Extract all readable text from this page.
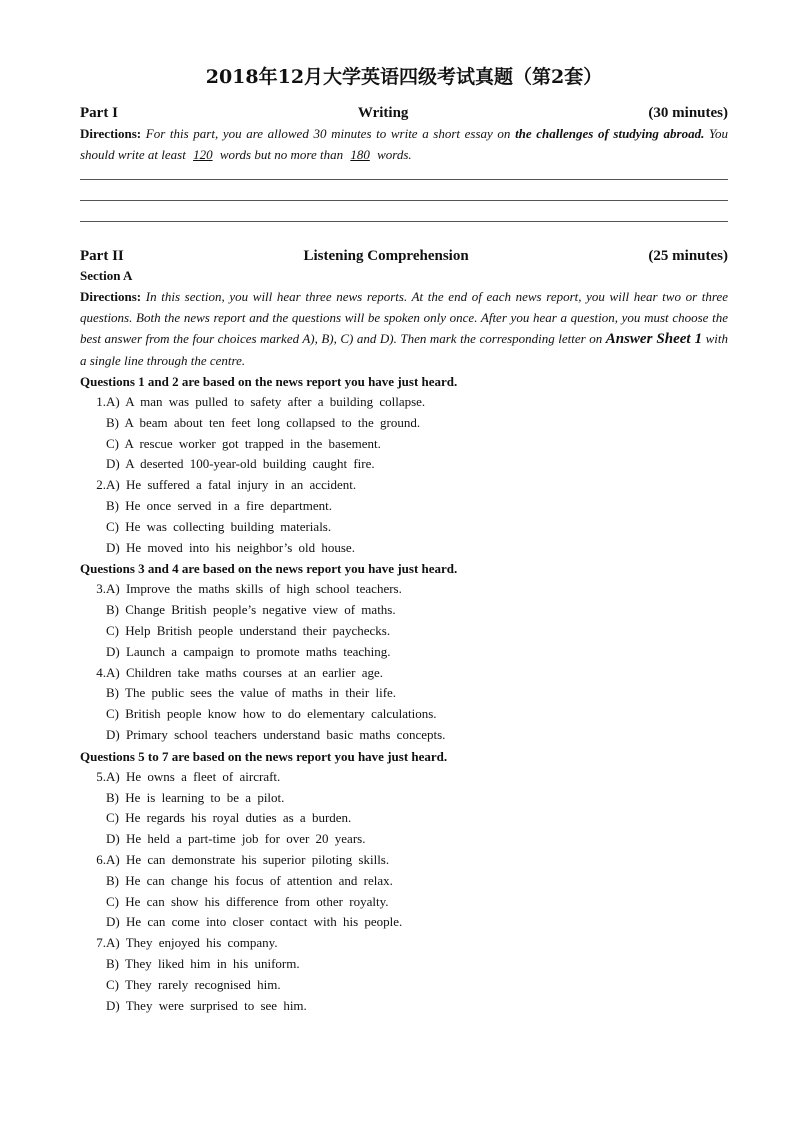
2018年12月大学英语四级考试真题（第2套）
Part I	Writing	(30 minutes)
Directions: For this part, you are allowed 30 minutes to write a short essay on the challenges of studying abroad. You should write at least 120 words but no more than 180 words.
Part II	Listening Comprehension	(25 minutes)
Section A
Directions: In this section, you will hear three news reports. At the end of each news report, you will hear two or three questions. Both the news report and the questions will be spoken only once. After you hear a question, you must choose the best answer from the four choices marked A), B), C) and D). Then mark the corresponding letter on Answer Sheet 1 with a single line through the centre.
Questions 1 and 2 are based on the news report you have just heard.
1.A) A man was pulled to safety after a building collapse.
B) A beam about ten feet long collapsed to the ground.
C) A rescue worker got trapped in the basement.
D) A deserted 100-year-old building caught fire.
2.A) He suffered a fatal injury in an accident.
B) He once served in a fire department.
C) He was collecting building materials.
D) He moved into his neighbor’s old house.
Questions 3 and 4 are based on the news report you have just heard.
3.A) Improve the maths skills of high school teachers.
B) Change British people’s negative view of maths.
C) Help British people understand their paychecks.
D) Launch a campaign to promote maths teaching.
4.A) Children take maths courses at an earlier age.
B) The public sees the value of maths in their life.
C) British people know how to do elementary calculations.
D) Primary school teachers understand basic maths concepts.
Questions 5 to 7 are based on the news report you have just heard.
5.A) He owns a fleet of aircraft.
B) He is learning to be a pilot.
C) He regards his royal duties as a burden.
D) He held a part-time job for over 20 years.
6.A) He can demonstrate his superior piloting skills.
B) He can change his focus of attention and relax.
C) He can show his difference from other royalty.
D) He can come into closer contact with his people.
7.A) They enjoyed his company.
B) They liked him in his uniform.
C) They rarely recognised him.
D) They were surprised to see him.
